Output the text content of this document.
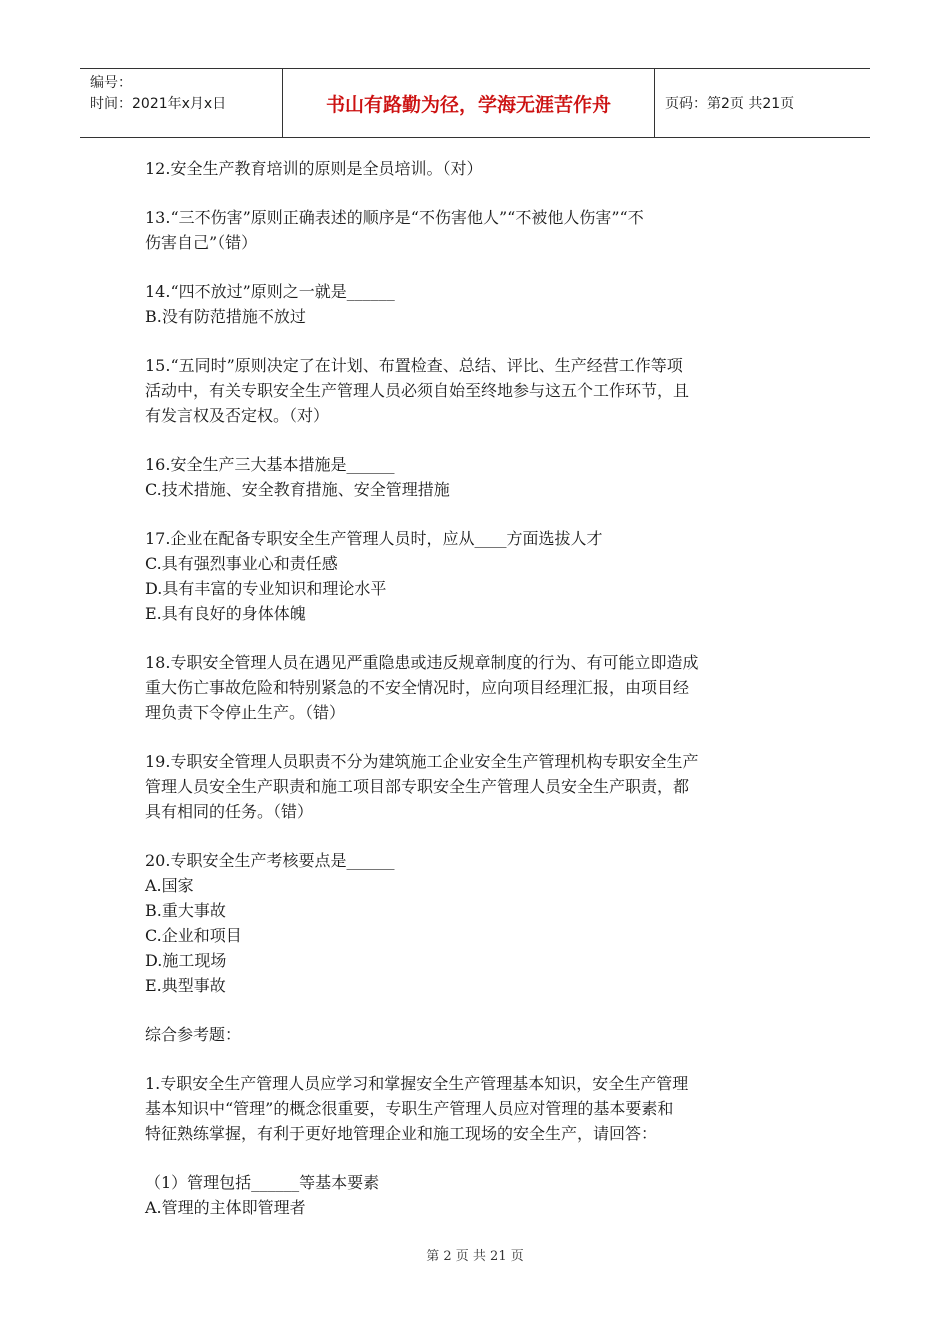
编号：
时间：2021年x月x日	书山有路勤为径，学海无涯苦作舟	页码：第2页 共21页

12.安全生产教育培训的原则是全员培训。（对）

13.“三不伤害”原则正确表述的顺序是“不伤害他人”“不被他人伤害”“不

伤害自己”（错）

14.“四不放过”原则之一就是______

B.没有防范措施不放过

15.“五同时”原则决定了在计划、布置检查、总结、评比、生产经营工作等项

活动中，有关专职安全生产管理人员必须自始至终地参与这五个工作环节，且

有发言权及否定权。（对）

16.安全生产三大基本措施是______

C.技术措施、安全教育措施、安全管理措施

17.企业在配备专职安全生产管理人员时，应从____方面选拔人才

C.具有强烈事业心和责任感

D.具有丰富的专业知识和理论水平

E.具有良好的身体体魄

18.专职安全管理人员在遇见严重隐患或违反规章制度的行为、有可能立即造成

重大伤亡事故危险和特别紧急的不安全情况时，应向项目经理汇报，由项目经

理负责下令停止生产。（错）

19.专职安全管理人员职责不分为建筑施工企业安全生产管理机构专职安全生产

管理人员安全生产职责和施工项目部专职安全生产管理人员安全生产职责，都

具有相同的任务。（错）

20.专职安全生产考核要点是______

A.国家

B.重大事故

C.企业和项目

D.施工现场

E.典型事故

综合参考题：

1.专职安全生产管理人员应学习和掌握安全生产管理基本知识，安全生产管理

基本知识中“管理”的概念很重要，专职生产管理人员应对管理的基本要素和

特征熟练掌握，有利于更好地管理企业和施工现场的安全生产，请回答：

（1）管理包括______等基本要素

A.管理的主体即管理者

第 2 页 共 21 页
